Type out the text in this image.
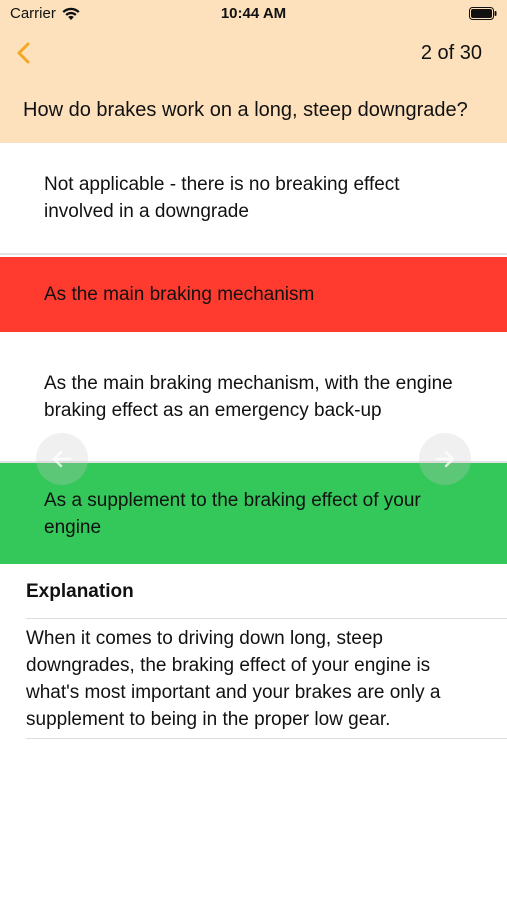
Carrier	10:44 AM
2 of 30
How do brakes work on a long, steep downgrade?
Not applicable - there is no breaking effect involved in a downgrade
As the main braking mechanism
As the main braking mechanism, with the engine braking effect as an emergency back-up
As a supplement to the braking effect of your engine
Explanation
When it comes to driving down long, steep downgrades, the braking effect of your engine is what's most important and your brakes are only a supplement to being in the proper low gear.
